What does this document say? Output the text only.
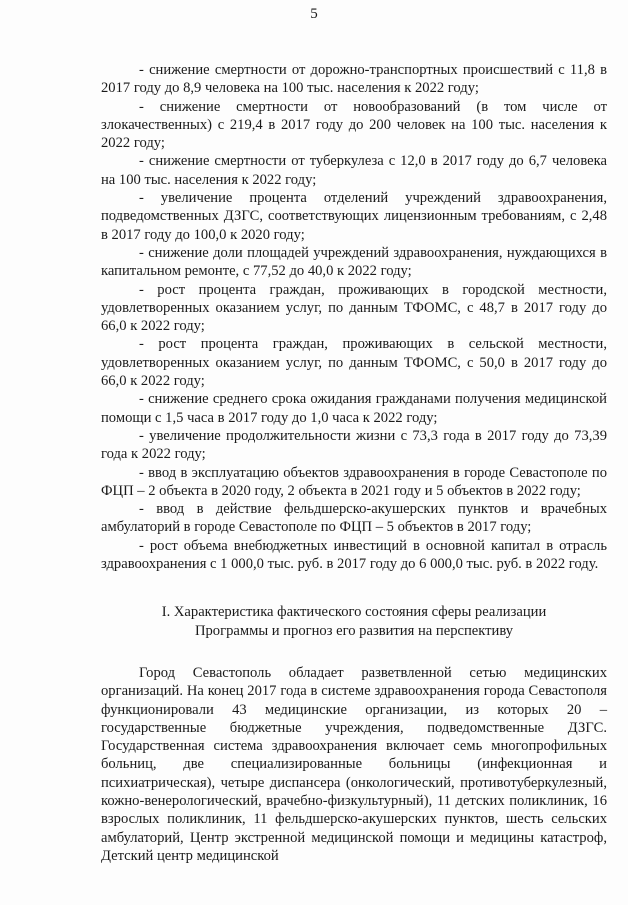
5

- снижение смертности от дорожно-транспортных происшествий с 11,8 в 2017 году до 8,9 человека на 100 тыс. населения к 2022 году;

- снижение смертности от новообразований (в том числе от злокачественных) с 219,4 в 2017 году до 200 человек на 100 тыс. населения к 2022 году;

- снижение смертности от туберкулеза с 12,0 в 2017 году до 6,7 человека на 100 тыс. населения к 2022 году;

- увеличение процента отделений учреждений здравоохранения, подведомственных ДЗГС, соответствующих лицензионным требованиям, с 2,48 в 2017 году до 100,0 к 2020 году;

- снижение доли площадей учреждений здравоохранения, нуждающихся в капитальном ремонте, с 77,52 до 40,0 к 2022 году;

- рост процента граждан, проживающих в городской местности, удовлетворенных оказанием услуг, по данным ТФОМС, с 48,7 в 2017 году до 66,0 к 2022 году;

- рост процента граждан, проживающих в сельской местности, удовлетворенных оказанием услуг, по данным ТФОМС, с 50,0 в 2017 году до 66,0 к 2022 году;

- снижение среднего срока ожидания гражданами получения медицинской помощи с 1,5 часа в 2017 году до 1,0 часа к 2022 году;

- увеличение продолжительности жизни с 73,3 года в 2017 году до 73,39 года к 2022 году;

- ввод в эксплуатацию объектов здравоохранения в городе Севастополе по ФЦП – 2 объекта в 2020 году, 2 объекта в 2021 году и 5 объектов в 2022 году;

- ввод в действие фельдшерско-акушерских пунктов и врачебных амбулаторий в городе Севастополе по ФЦП – 5 объектов в 2017 году;

- рост объема внебюджетных инвестиций в основной капитал в отрасль здравоохранения с 1 000,0 тыс. руб. в 2017 году до 6 000,0 тыс. руб. в 2022 году.

I. Характеристика фактического состояния сферы реализации
Программы и прогноз его развития на перспективу

Город Севастополь обладает разветвленной сетью медицинских организаций. На конец 2017 года в системе здравоохранения города Севастополя функционировали 43 медицинские организации, из которых 20 – государственные бюджетные учреждения, подведомственные ДЗГС. Государственная система здравоохранения включает семь многопрофильных больниц, две специализированные больницы (инфекционная и психиатрическая), четыре диспансера (онкологический, противотуберкулезный, кожно-венерологический, врачебно-физкультурный), 11 детских поликлиник, 16 взрослых поликлиник, 11 фельдшерско-акушерских пунктов, шесть сельских амбулаторий, Центр экстренной медицинской помощи и медицины катастроф, Детский центр медицинской
